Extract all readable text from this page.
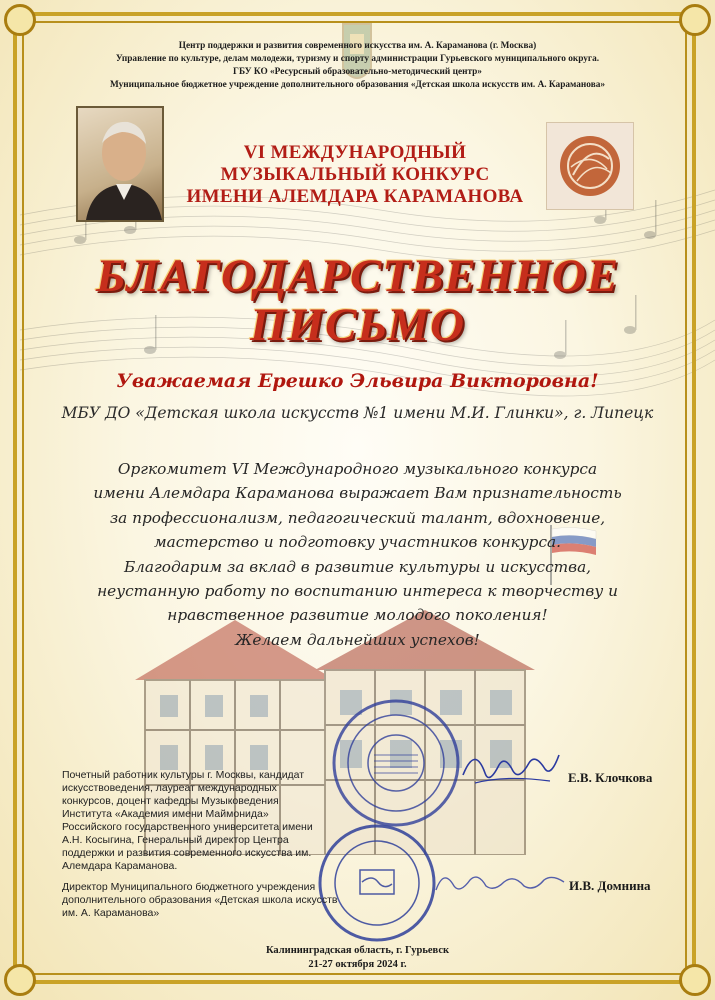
Центр поддержки и развития современного искусства им. А. Караманова (г. Москва)
Управление по культуре, делам молодежи, туризму и спорту администрации Гурьевского муниципального округа.
ГБУ КО «Ресурсный образовательно-методический центр»
Муниципальное бюджетное учреждение дополнительного образования «Детская школа искусств им. А. Караманова»
VI МЕЖДУНАРОДНЫЙ
МУЗЫКАЛЬНЫЙ КОНКУРС
ИМЕНИ АЛЕМДАРА КАРАМАНОВА
БЛАГОДАРСТВЕННОЕ
ПИСЬМО
Уважаемая Ерешко Эльвира Викторовна!
МБУ ДО «Детская школа искусств №1 имени М.И. Глинки», г. Липецк
Оргкомитет VI Международного музыкального конкурса
имени Алемдара Караманова выражает Вам признательность
за профессионализм, педагогический талант, вдохновение,
мастерство и подготовку участников конкурса.
Благодарим за вклад в развитие культуры и искусства,
неустанную работу по воспитанию интереса к творчеству и
нравственное развитие молодого поколения!
Желаем дальнейших успехов!
Почетный работник культуры г. Москвы, кандидат искусствоведения, лауреат международных конкурсов, доцент кафедры Музыковедения Института «Академия имени Маймонида» Российского государственного университета имени А.Н. Косыгина, Генеральный директор Центра поддержки и развития современного искусства им. Алемдара Караманова.
Е.В. Клочкова
Директор Муниципального бюджетного учреждения дополнительного образования «Детская школа искусств им. А. Караманова»
И.В. Домнина
Калининградская область, г. Гурьевск
21-27 октября 2024 г.
